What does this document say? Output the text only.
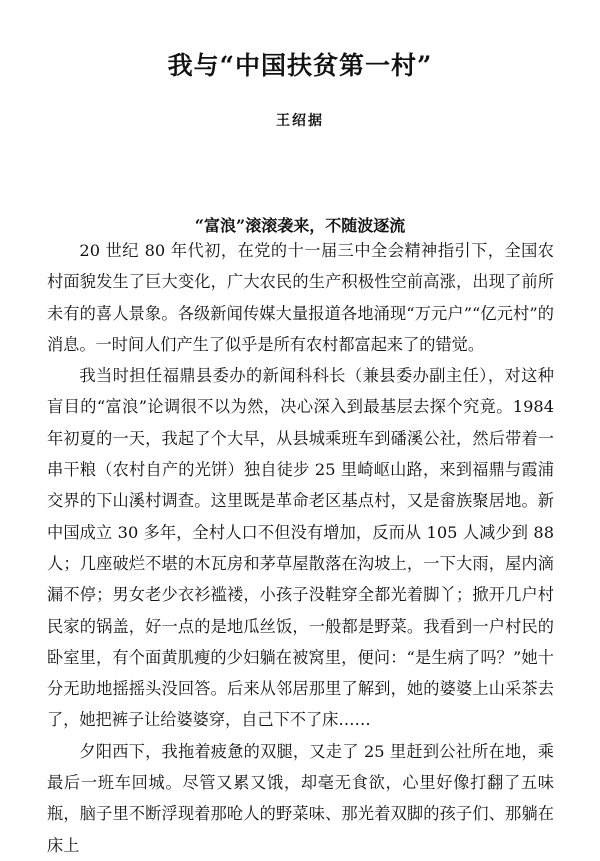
我与“中国扶贫第一村”
王绍据
“富浪”滚滚袭来，不随波逐流

20 世纪 80 年代初，在党的十一届三中全会精神指引下，全国农村面貌发生了巨大变化，广大农民的生产积极性空前高涨，出现了前所未有的喜人景象。各级新闻传媒大量报道各地涌现“万元户”“亿元村”的消息。一时间人们产生了似乎是所有农村都富起来了的错觉。

我当时担任福鼎县委办的新闻科科长（兼县委办副主任），对这种盲目的“富浪”论调很不以为然，决心深入到最基层去探个究竟。1984 年初夏的一天，我起了个大早，从县城乘班车到磻溪公社，然后带着一串干粮（农村自产的光饼）独自徒步 25 里崎岖山路，来到福鼎与霞浦交界的下山溪村调查。这里既是革命老区基点村，又是畲族聚居地。新中国成立 30 多年，全村人口不但没有增加，反而从 105 人减少到 88 人；几座破烂不堪的木瓦房和茅草屋散落在沟坡上，一下大雨，屋内滴漏不停；男女老少衣衫褴褛，小孩子没鞋穿全都光着脚丫；掀开几户村民家的锅盖，好一点的是地瓜丝饭，一般都是野菜。我看到一户村民的卧室里，有个面黄肌瘦的少妇躺在被窝里，便问：“是生病了吗？”她十分无助地摇摇头没回答。后来从邻居那里了解到，她的婆婆上山采茶去了，她把裤子让给婆婆穿，自己下不了床……

夕阳西下，我拖着疲惫的双腿，又走了 25 里赶到公社所在地，乘最后一班车回城。尽管又累又饿，却毫无食欲，心里好像打翻了五味瓶，脑子里不断浮现着那呛人的野菜味、那光着双脚的孩子们、那躺在床上
